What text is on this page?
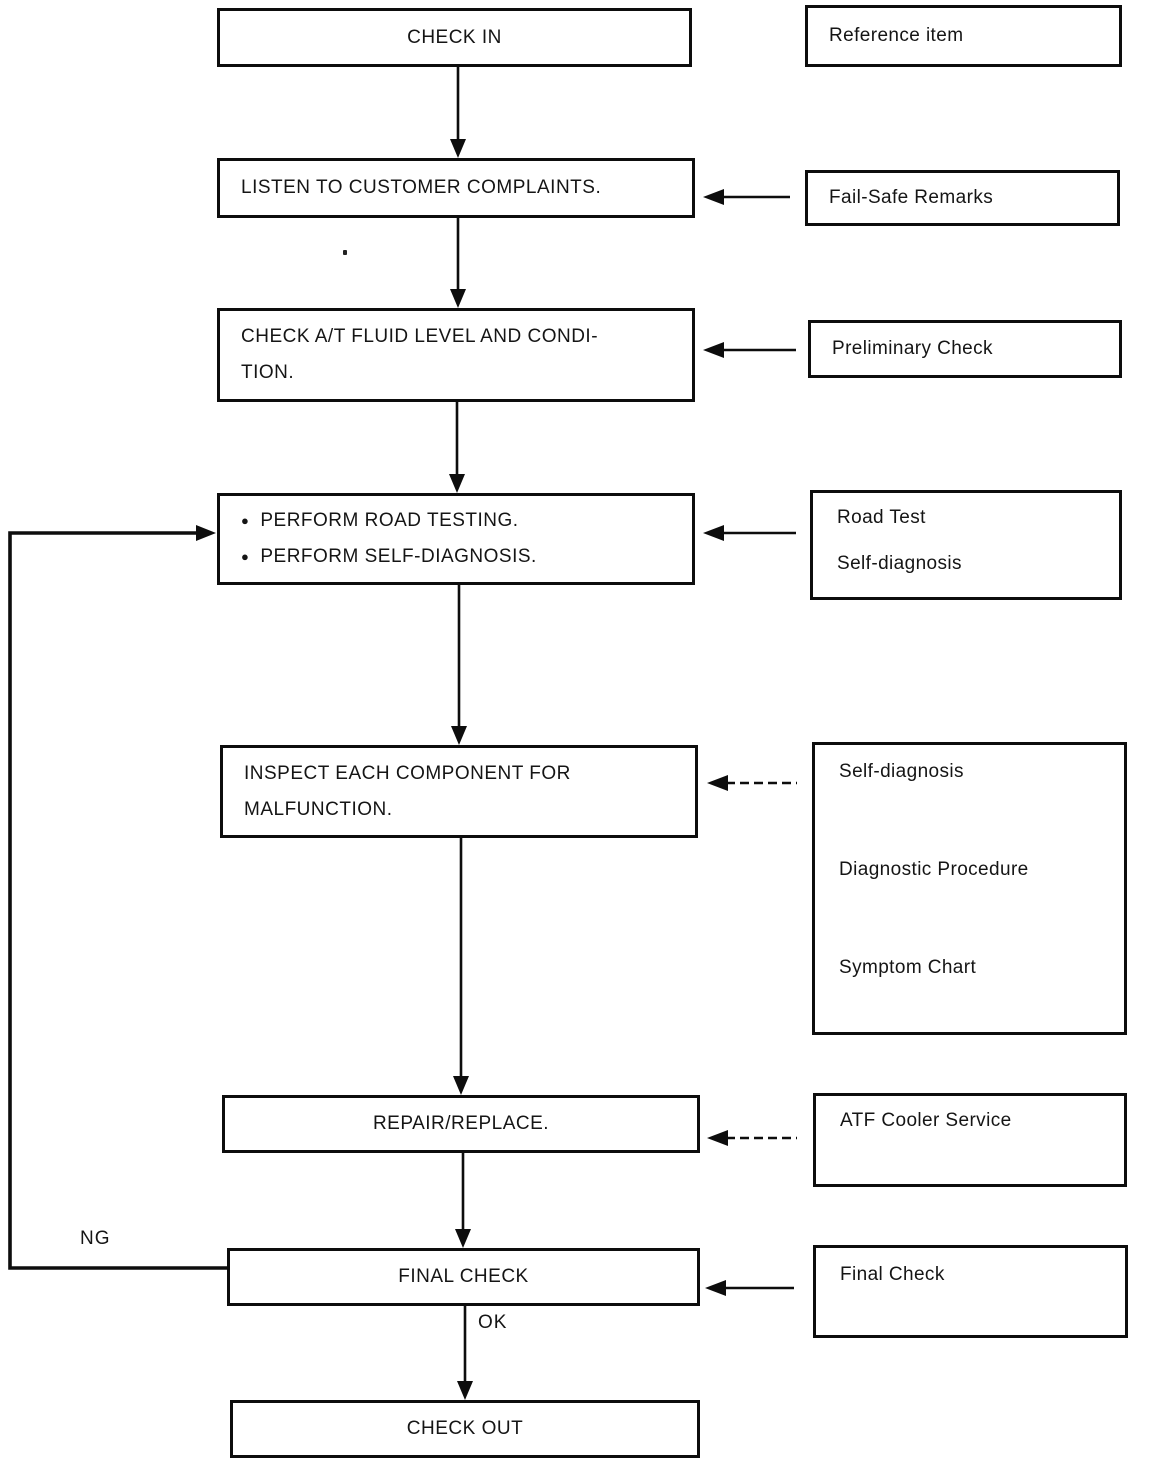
CHECK IN
LISTEN TO CUSTOMER COMPLAINTS.
CHECK A/T FLUID LEVEL AND CONDI-
TION.
● PERFORM ROAD TESTING.
● PERFORM SELF-DIAGNOSIS.
INSPECT EACH COMPONENT FOR
MALFUNCTION.
REPAIR/REPLACE.
FINAL CHECK
CHECK OUT
Reference item
Fail-Safe Remarks
Preliminary Check
Road Test
Self-diagnosis
Self-diagnosis
Diagnostic Procedure
Symptom Chart
ATF Cooler Service
Final Check
NG
OK
